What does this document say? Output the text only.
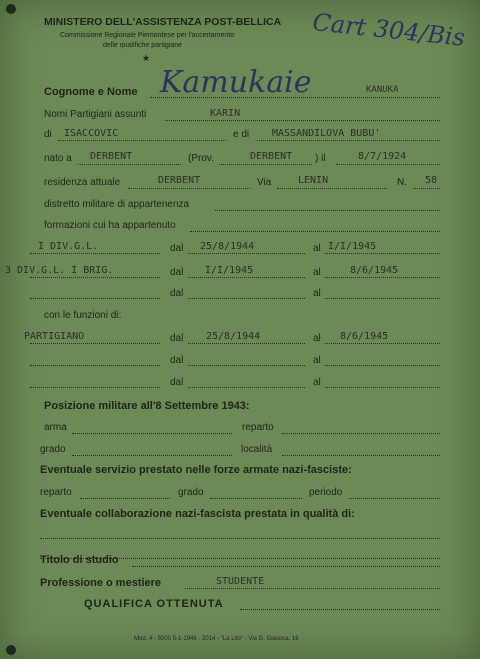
MINISTERO DELL'ASSISTENZA POST-BELLICA
Commissione Regionale Piemontese per l'accertamento
delle qualifiche partigiane
★
Cart 304/Bis
Cognome e Nome Kamukaie	KANUKA
Nomi Partigiani assunti	KARIN
di ISACCOVIC	e di MASSANDILOVA BUBU'
nato a DERBENT	(Prov.	DERBENT ) il	8/7/1924
residenza attuale	DERBENT	Via	LENIN	N. 58
distretto militare di appartenenza
formazioni cui ha appartenuto
I DIV.G.L.	dal 25/8/1944	al I/I/1945
3 DIV.G.L. I BRIG.	dal I/I/1945	al	8/6/1945
dal	al
con le funzioni di:
PARTIGIANO	dal 25/8/1944	al 8/6/1945
dal	al
dal	al
Posizione militare all'8 Settembre 1943:
arma	reparto
grado	località
Eventuale servizio prestato nelle forze armate nazi-fasciste:
reparto	grado	periodo
Eventuale collaborazione nazi-fascista prestata in qualità di:
Titolo di studio
Professione o mestiere	STUDENTE
QUALIFICA OTTENUTA
Mod. 4 - 5000 5-1-1946 - 2014 - "La Lito" - Via G. Giacosa, 16
